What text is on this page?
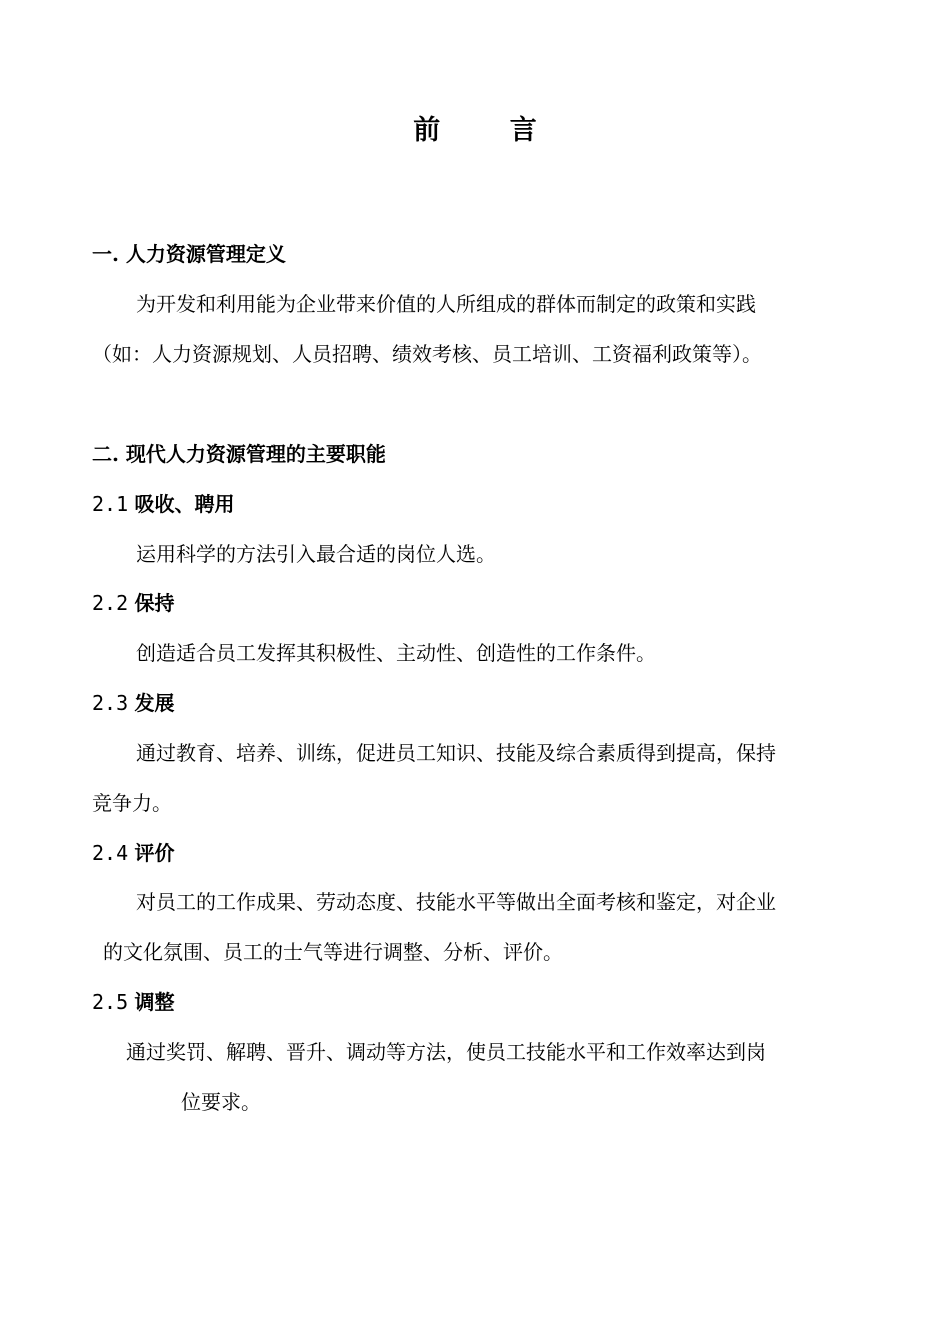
前 言
一. 人力资源管理定义
为开发和利用能为企业带来价值的人所组成的群体而制定的政策和实践
（如：人力资源规划、人员招聘、绩效考核、员工培训、工资福利政策等）。
二. 现代人力资源管理的主要职能
2.1 吸收、聘用
运用科学的方法引入最合适的岗位人选。
2.2 保持
创造适合员工发挥其积极性、主动性、创造性的工作条件。
2.3 发展
通过教育、培养、训练，促进员工知识、技能及综合素质得到提高，保持
竞争力。
2.4 评价
对员工的工作成果、劳动态度、技能水平等做出全面考核和鉴定，对企业
的文化氛围、员工的士气等进行调整、分析、评价。
2.5 调整
通过奖罚、解聘、晋升、调动等方法，使员工技能水平和工作效率达到岗
位要求。
